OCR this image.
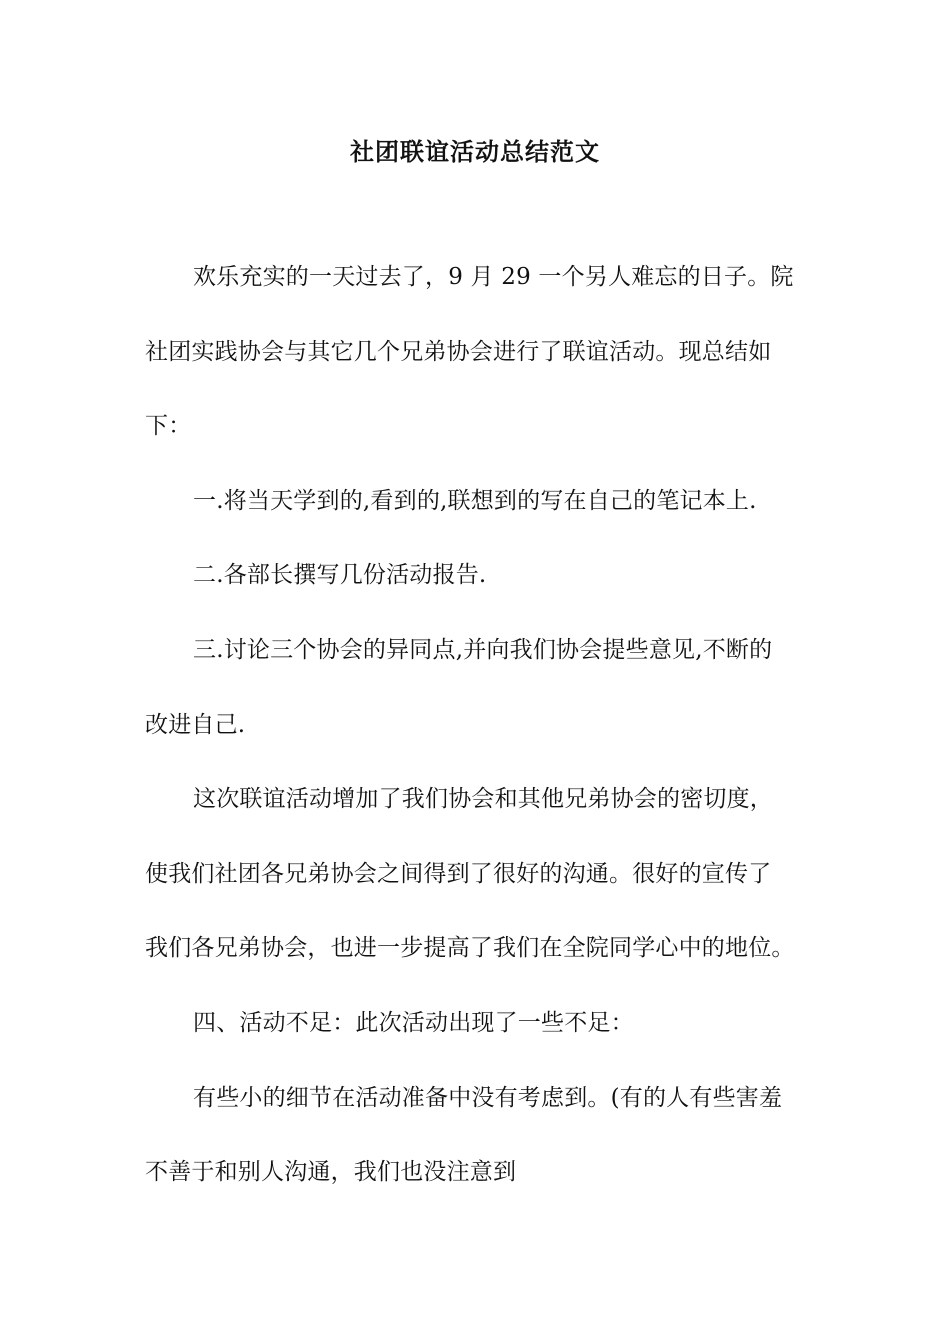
社团联谊活动总结范文
欢乐充实的一天过去了，9 月 29 一个另人难忘的日子。院
社团实践协会与其它几个兄弟协会进行了联谊活动。现总结如
下：
一.将当天学到的,看到的,联想到的写在自己的笔记本上.
二.各部长撰写几份活动报告.
三.讨论三个协会的异同点,并向我们协会提些意见,不断的
改进自己.
这次联谊活动增加了我们协会和其他兄弟协会的密切度，
使我们社团各兄弟协会之间得到了很好的沟通。很好的宣传了
我们各兄弟协会，也进一步提高了我们在全院同学心中的地位。
四、活动不足：此次活动出现了一些不足：
有些小的细节在活动准备中没有考虑到。(有的人有些害羞
不善于和别人沟通，我们也没注意到
